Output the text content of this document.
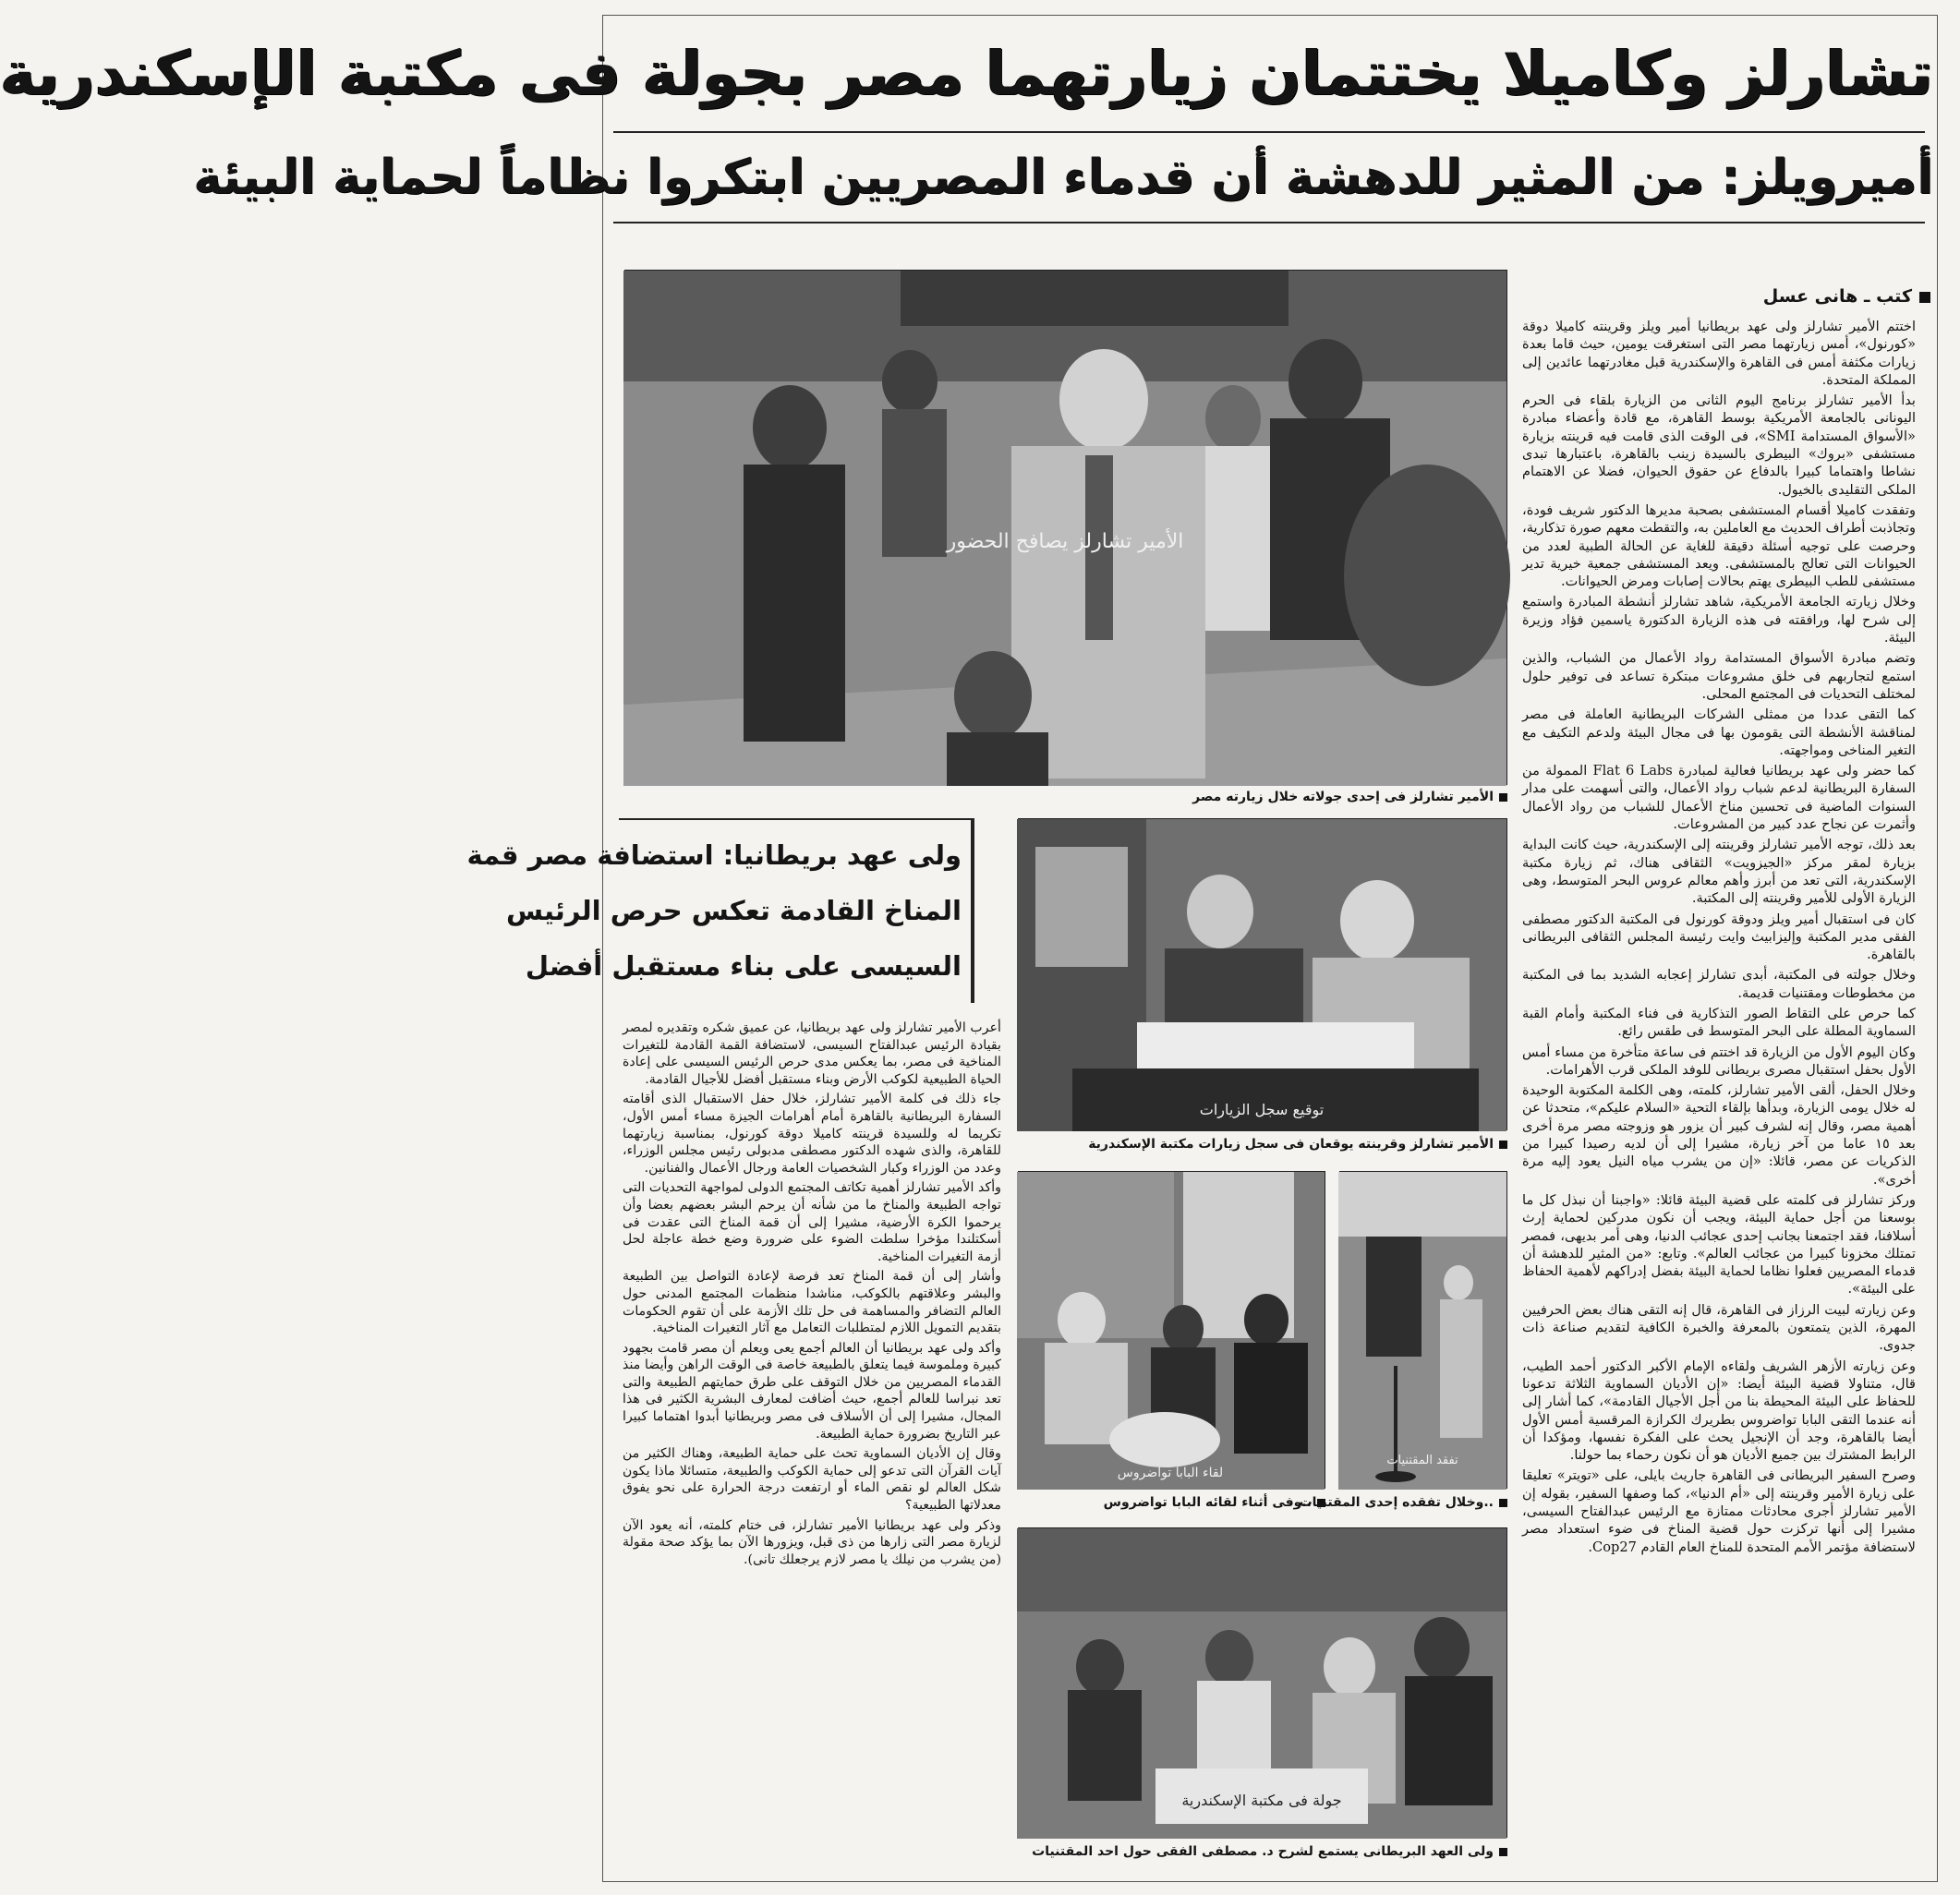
تشارلز وكاميلا يختتمان زيارتهما مصر بجولة فى مكتبة الإسكندرية
أميرويلز: من المثير للدهشة أن قدماء المصريين ابتكروا نظاماً لحماية البيئة
كتب ـ هانى عسل
الأمير تشارلز يصافح الحضور
الأمير تشارلز فى إحدى جولاته خلال زيارته مصر
توقيع سجل الزيارات
الأمير تشارلز وقرينته يوقعان فى سجل زيارات مكتبة الإسكندرية
لقاء البابا تواضروس
..وفى أثناء لقائه البابا تواضروس
تفقد المقتنيات
..وخلال تفقده إحدى المقتنيات
جولة فى مكتبة الإسكندرية
ولى العهد البريطانى يستمع لشرح د. مصطفى الفقى حول احد المقتنيات

اختتم الأمير تشارلز ولى عهد بريطانيا أمير ويلز وقرينته كاميلا دوقة «كورنول»، أمس زيارتهما مصر التى استغرقت يومين، حيث قاما بعدة زيارات مكثفة أمس فى القاهرة والإسكندرية قبل مغادرتهما عائدين إلى المملكة المتحدة.

بدأ الأمير تشارلز برنامج اليوم الثانى من الزيارة بلقاء فى الحرم اليونانى بالجامعة الأمريكية بوسط القاهرة، مع قادة وأعضاء مبادرة «الأسواق المستدامة SMI»، فى الوقت الذى قامت فيه قرينته بزيارة مستشفى «بروك» البيطرى بالسيدة زينب بالقاهرة، باعتبارها تبدى نشاطا واهتماما كبيرا بالدفاع عن حقوق الحيوان، فضلا عن الاهتمام الملكى التقليدى بالخيول.

وتفقدت كاميلا أقسام المستشفى بصحبة مديرها الدكتور شريف فودة، وتجاذبت أطراف الحديث مع العاملين به، والتقطت معهم صورة تذكارية، وحرصت على توجيه أسئلة دقيقة للغاية عن الحالة الطبية لعدد من الحيوانات التى تعالج بالمستشفى. ويعد المستشفى جمعية خيرية تدير مستشفى للطب البيطرى يهتم بحالات إصابات ومرض الحيوانات.

وخلال زيارته الجامعة الأمريكية، شاهد تشارلز أنشطة المبادرة واستمع إلى شرح لها، ورافقته فى هذه الزيارة الدكتورة ياسمين فؤاد وزيرة البيئة.

وتضم مبادرة الأسواق المستدامة رواد الأعمال من الشباب، والذين استمع لتجاربهم فى خلق مشروعات مبتكرة تساعد فى توفير حلول لمختلف التحديات فى المجتمع المحلى.

كما التقى عددا من ممثلى الشركات البريطانية العاملة فى مصر لمناقشة الأنشطة التى يقومون بها فى مجال البيئة ولدعم التكيف مع التغير المناخى ومواجهته.

كما حضر ولى عهد بريطانيا فعالية لمبادرة Flat 6 Labs الممولة من السفارة البريطانية لدعم شباب رواد الأعمال، والتى أسهمت على مدار السنوات الماضية فى تحسين مناخ الأعمال للشباب من رواد الأعمال وأثمرت عن نجاح عدد كبير من المشروعات.

بعد ذلك، توجه الأمير تشارلز وقرينته إلى الإسكندرية، حيث كانت البداية بزيارة لمقر مركز «الجيزويت» الثقافى هناك، ثم زيارة مكتبة الإسكندرية، التى تعد من أبرز وأهم معالم عروس البحر المتوسط، وهى الزيارة الأولى للأمير وقرينته إلى المكتبة.

كان فى استقبال أمير ويلز ودوقة كورنول فى المكتبة الدكتور مصطفى الفقى مدير المكتبة وإليزابيث وايت رئيسة المجلس الثقافى البريطانى بالقاهرة.

وخلال جولته فى المكتبة، أبدى تشارلز إعجابه الشديد بما فى المكتبة من مخطوطات ومقتنيات قديمة.

كما حرص على التقاط الصور التذكارية فى فناء المكتبة وأمام القبة السماوية المطلة على البحر المتوسط فى طقس رائع.

وكان اليوم الأول من الزيارة قد اختتم فى ساعة متأخرة من مساء أمس الأول بحفل استقبال مصرى بريطانى للوفد الملكى قرب الأهرامات.

وخلال الحفل، ألقى الأمير تشارلز، كلمته، وهى الكلمة المكتوبة الوحيدة له خلال يومى الزيارة، وبدأها بإلقاء التحية «السلام عليكم»، متحدثا عن أهمية مصر، وقال إنه لشرف كبير أن يزور هو وزوجته مصر مرة أخرى بعد ١٥ عاما من آخر زيارة، مشيرا إلى أن لديه رصيدا كبيرا من الذكريات عن مصر، قائلا: «إن من يشرب مياه النيل يعود إليه مرة أخرى».

وركز تشارلز فى كلمته على قضية البيئة قائلا: «واجبنا أن نبذل كل ما بوسعنا من أجل حماية البيئة، ويجب أن نكون مدركين لحماية إرث أسلافنا، فقد اجتمعنا بجانب إحدى عجائب الدنيا، وهى أمر بديهى، فمصر تمتلك مخزونا كبيرا من عجائب العالم». وتابع: «من المثير للدهشة أن قدماء المصريين فعلوا نظاما لحماية البيئة بفضل إدراكهم لأهمية الحفاظ على البيئة».

وعن زيارته لبيت الرزاز فى القاهرة، قال إنه التقى هناك بعض الحرفيين المهرة، الذين يتمتعون بالمعرفة والخبرة الكافية لتقديم صناعة ذات جدوى.

وعن زيارته الأزهر الشريف ولقاءه الإمام الأكبر الدكتور أحمد الطيب، قال، متناولا قضية البيئة أيضا: «إن الأديان السماوية الثلاثة تدعونا للحفاظ على البيئة المحيطة بنا من أجل الأجيال القادمة»، كما أشار إلى أنه عندما التقى البابا تواضروس بطريرك الكرازة المرقسية أمس الأول أيضا بالقاهرة، وجد أن الإنجيل يحث على الفكرة نفسها، ومؤكدا أن الرابط المشترك بين جميع الأديان هو أن نكون رحماء بما حولنا.

وصرح السفير البريطانى فى القاهرة جاريث بايلى، على «تويتر» تعليقا على زيارة الأمير وقرينته إلى «أم الدنيا»، كما وصفها السفير، بقوله إن الأمير تشارلز أجرى محادثات ممتازة مع الرئيس عبدالفتاح السيسى، مشيرا إلى أنها تركزت حول قضية المناخ فى ضوء استعداد مصر لاستضافة مؤتمر الأمم المتحدة للمناخ العام القادم Cop27.

ولى عهد بريطانيا: استضافة مصر قمة
المناخ القادمة تعكس حرص الرئيس
السيسى على بناء مستقبل أفضل

أعرب الأمير تشارلز ولى عهد بريطانيا، عن عميق شكره وتقديره لمصر بقيادة الرئيس عبدالفتاح السيسى، لاستضافة القمة القادمة للتغيرات المناخية فى مصر، بما يعكس مدى حرص الرئيس السيسى على إعادة الحياة الطبيعية لكوكب الأرض وبناء مستقبل أفضل للأجيال القادمة.

جاء ذلك فى كلمة الأمير تشارلز، خلال حفل الاستقبال الذى أقامته السفارة البريطانية بالقاهرة أمام أهرامات الجيزة مساء أمس الأول، تكريما له وللسيدة قرينته كاميلا دوقة كورنول، بمناسبة زيارتهما للقاهرة، والذى شهده الدكتور مصطفى مدبولى رئيس مجلس الوزراء، وعدد من الوزراء وكبار الشخصيات العامة ورجال الأعمال والفنانين.

وأكد الأمير تشارلز أهمية تكاتف المجتمع الدولى لمواجهة التحديات التى تواجه الطبيعة والمناخ ما من شأنه أن يرحم البشر بعضهم بعضا وأن يرحموا الكرة الأرضية، مشيرا إلى أن قمة المناخ التى عقدت فى أسكتلندا مؤخرا سلطت الضوء على ضرورة وضع خطة عاجلة لحل أزمة التغيرات المناخية.

وأشار إلى أن قمة المناخ تعد فرصة لإعادة التواصل بين الطبيعة والبشر وعلاقتهم بالكوكب، مناشدا منظمات المجتمع المدنى حول العالم التضافر والمساهمة فى حل تلك الأزمة على أن تقوم الحكومات بتقديم التمويل اللازم لمتطلبات التعامل مع آثار التغيرات المناخية.

وأكد ولى عهد بريطانيا أن العالم أجمع يعى ويعلم أن مصر قامت بجهود كبيرة وملموسة فيما يتعلق بالطبيعة خاصة فى الوقت الراهن وأيضا منذ القدماء المصريين من خلال التوقف على طرق حمايتهم الطبيعة والتى تعد نبراسا للعالم أجمع، حيث أضافت لمعارف البشرية الكثير فى هذا المجال، مشيرا إلى أن الأسلاف فى مصر وبريطانيا أبدوا اهتماما كبيرا عبر التاريخ بضرورة حماية الطبيعة.

وقال إن الأديان السماوية تحث على حماية الطبيعة، وهناك الكثير من آيات القرآن التى تدعو إلى حماية الكوكب والطبيعة، متسائلا ماذا يكون شكل العالم لو نقص الماء أو ارتفعت درجة الحرارة على نحو يفوق معدلاتها الطبيعية؟

وذكر ولى عهد بريطانيا الأمير تشارلز، فى ختام كلمته، أنه يعود الآن لزيارة مصر التى زارها من ذى قبل، ويزورها الآن بما يؤكد صحة مقولة (من يشرب من نيلك يا مصر لازم يرجعلك تانى).
